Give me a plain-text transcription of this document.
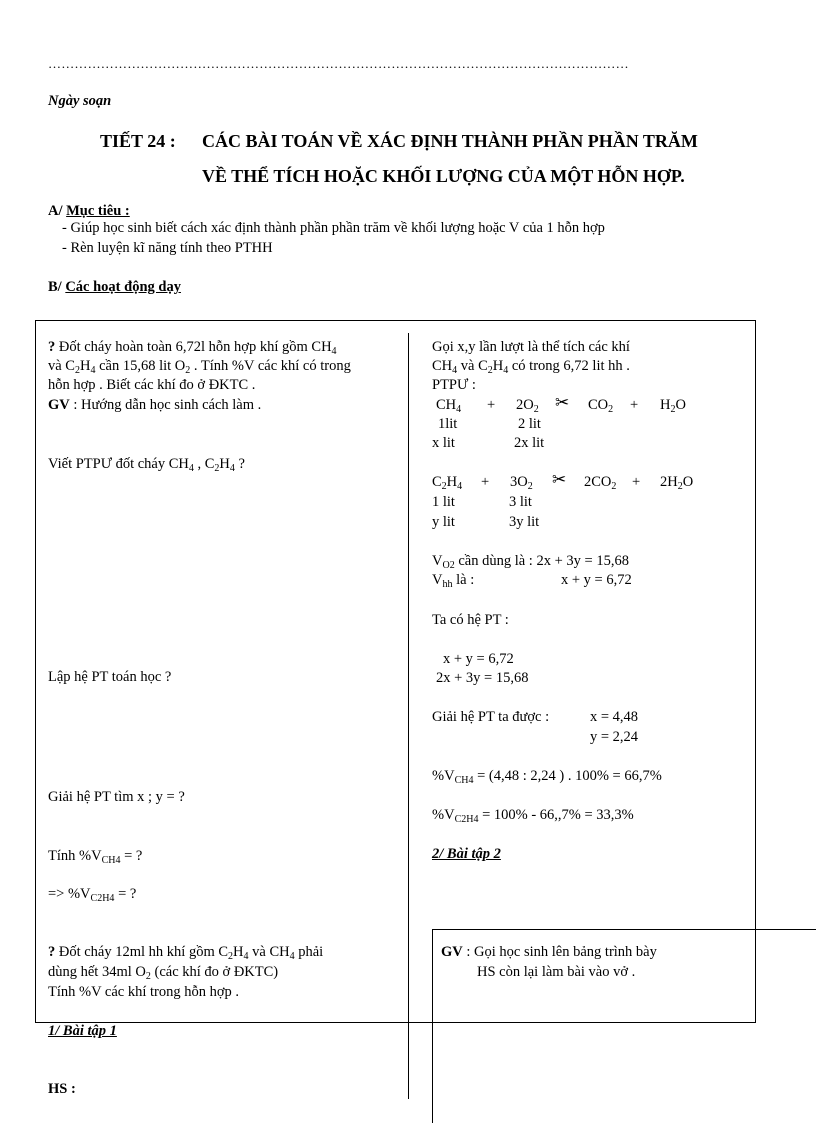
……………………………………………………………………………………………………………………
Ngày soạn
TIẾT 24 : CÁC BÀI TOÁN VỀ XÁC ĐỊNH THÀNH PHẦN PHẦN TRĂM
VỀ THỂ TÍCH HOẶC KHỐI LƯỢNG CỦA MỘT HỖN HỢP.
A/ Mục tiêu :
- Giúp học sinh biết cách xác định thành phần phần trăm về khối lượng hoặc V của 1 hỗn hợp
- Rèn luyện kĩ năng tính theo PTHH
B/ Các hoạt động dạy
? Đốt cháy hoàn toàn 6,72l hỗn hợp khí gồm $CH_4$
và $C_2H_4$ cần 15,68 lit $O_2$ . Tính %V các khí có trong
hỗn hợp . Biết các khí đo ở ĐKTC .
GV : Hướng dẫn học sinh cách làm .
Viết PTPƯ đốt cháy $CH_4$ , $C_2H_4$ ?
Lập hệ PT toán học ?
Giải hệ PT tìm x ; y = ?
Tính $\%V_{CH4}$ = ?
=> $\%V_{C2H4}$ = ?
? Đốt cháy 12ml hh khí gồm $C_2H_4$ và $CH_4$ phải
dùng hết 34ml $O_2$ (các khí đo ở ĐKTC)
Tính %V các khí trong hỗn hợp .
1/ Bài tập 1
HS :
Gọi x,y lần lượt là thể tích các khí
$CH_4$ và $C_2H_4$ có trong 6,72 lit hh .
PTPƯ :
$CH_4 + 2O_2$ ✂ $CO_2 + H_2O$
1lit	2 lit
x lit	2x lit
$C_2H_4 + 3O_2$ ✂ $2CO_2 + 2H_2O$
1 lit	3 lit
y lit	3y lit
$V_{O2}$ cần dùng là : 2x + 3y = 15,68
$V_{hh}$ là :	x + y = 6,72
Ta có hệ PT :
x + y = 6,72
2x + 3y = 15,68
Giải hệ PT ta được :	x = 4,48
y = 2,24
$\%V_{CH4} = (4,48$ : 2,24 ) . 100% = 66,7%
$\%V_{C2H4} = 100\% - 66,,7\% = 33,3\%$
2/ Bài tập 2
GV : Gọi học sinh lên bảng trình bày
HS còn lại làm bài vào vở .
